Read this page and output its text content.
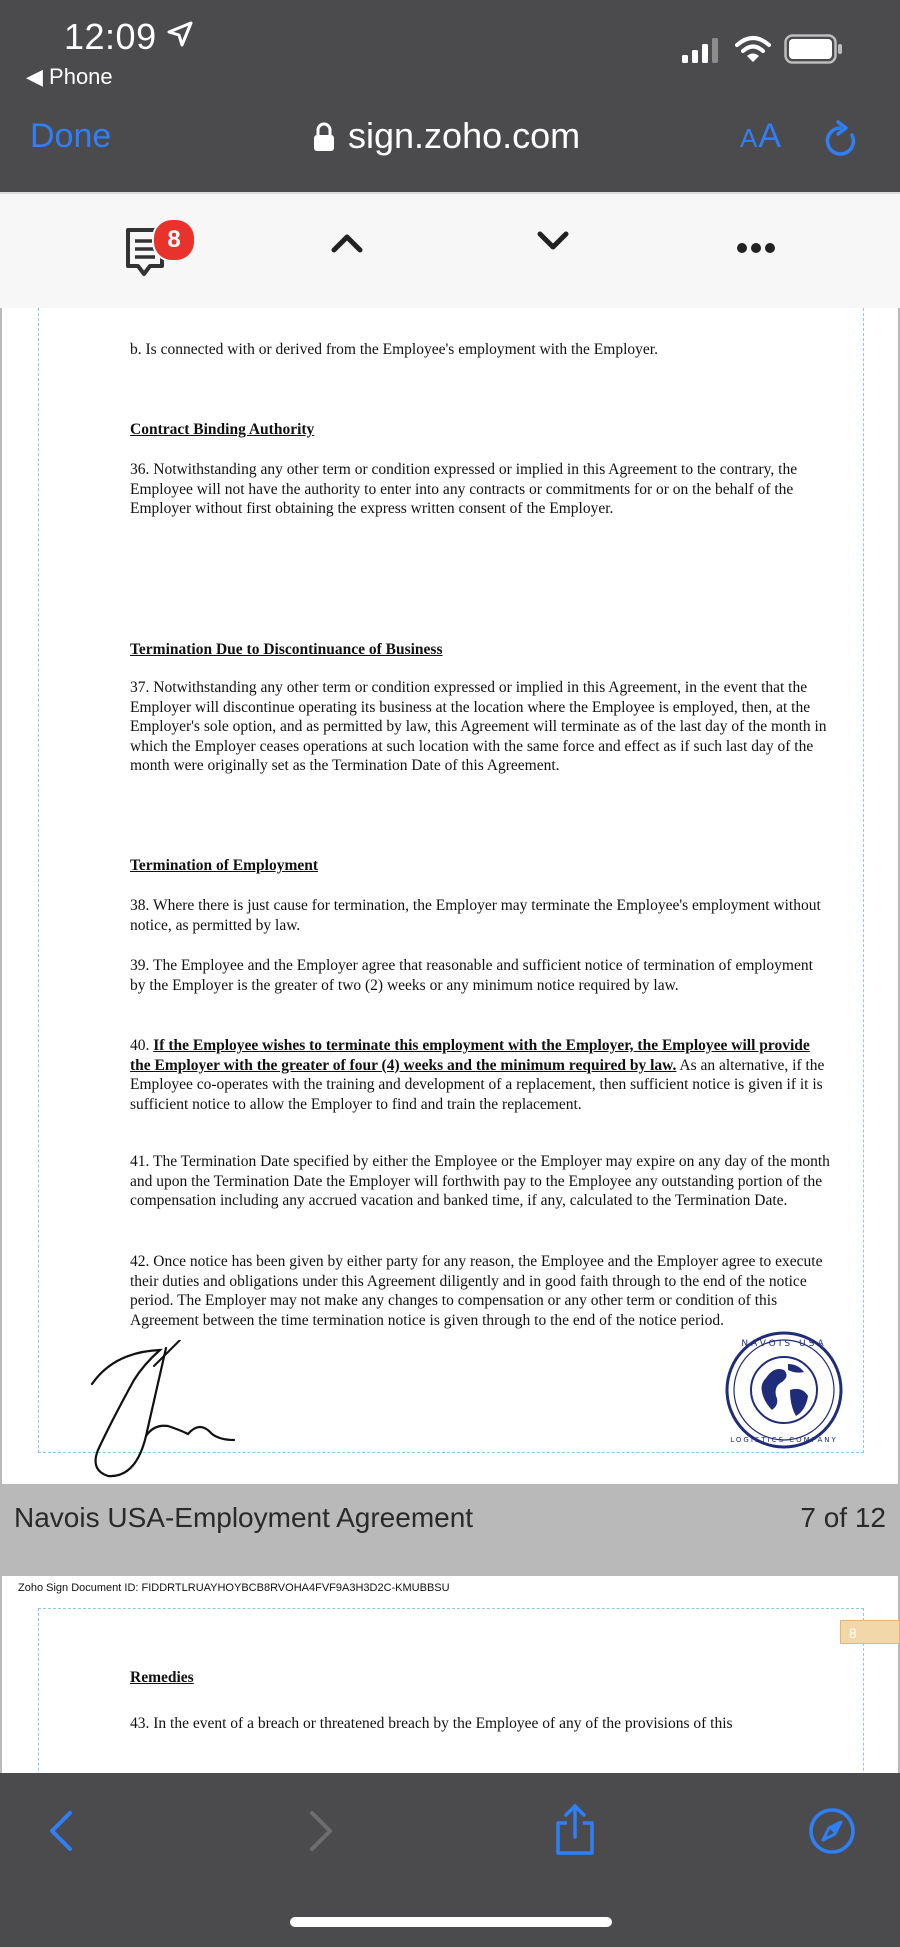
12:09
◀ Phone
Done	sign.zoho.com	AA
8

b. Is connected with or derived from the Employee's employment with the Employer.

Contract Binding Authority

36. Notwithstanding any other term or condition expressed or implied in this Agreement to the contrary, the Employee will not have the authority to enter into any contracts or commitments for or on the behalf of the Employer without first obtaining the express written consent of the Employer.

Termination Due to Discontinuance of Business

37. Notwithstanding any other term or condition expressed or implied in this Agreement, in the event that the Employer will discontinue operating its business at the location where the Employee is employed, then, at the Employer's sole option, and as permitted by law, this Agreement will terminate as of the last day of the month in which the Employer ceases operations at such location with the same force and effect as if such last day of the month were originally set as the Termination Date of this Agreement.

Termination of Employment

38. Where there is just cause for termination, the Employer may terminate the Employee's employment without notice, as permitted by law.

39. The Employee and the Employer agree that reasonable and sufficient notice of termination of employment by the Employer is the greater of two (2) weeks or any minimum notice required by law.

40. If the Employee wishes to terminate this employment with the Employer, the Employee will provide the Employer with the greater of four (4) weeks and the minimum required by law. As an alternative, if the Employee co-operates with the training and development of a replacement, then sufficient notice is given if it is sufficient notice to allow the Employer to find and train the replacement.

41. The Termination Date specified by either the Employee or the Employer may expire on any day of the month and upon the Termination Date the Employer will forthwith pay to the Employee any outstanding portion of the compensation including any accrued vacation and banked time, if any, calculated to the Termination Date.

42. Once notice has been given by either party for any reason, the Employee and the Employer agree to execute their duties and obligations under this Agreement diligently and in good faith through to the end of the notice period. The Employer may not make any changes to compensation or any other term or condition of this Agreement between the time termination notice is given through to the end of the notice period.

NAVOIS USA
LOGISTICS COMPANY
Navois USA-Employment Agreement	7 of 12
Zoho Sign Document ID: FIDDRTLRUAYHOYBCB8RVOHA4FVF9A3H3D2C-KMUBBSU
8

Remedies

43. In the event of a breach or threatened breach by the Employee of any of the provisions of this
